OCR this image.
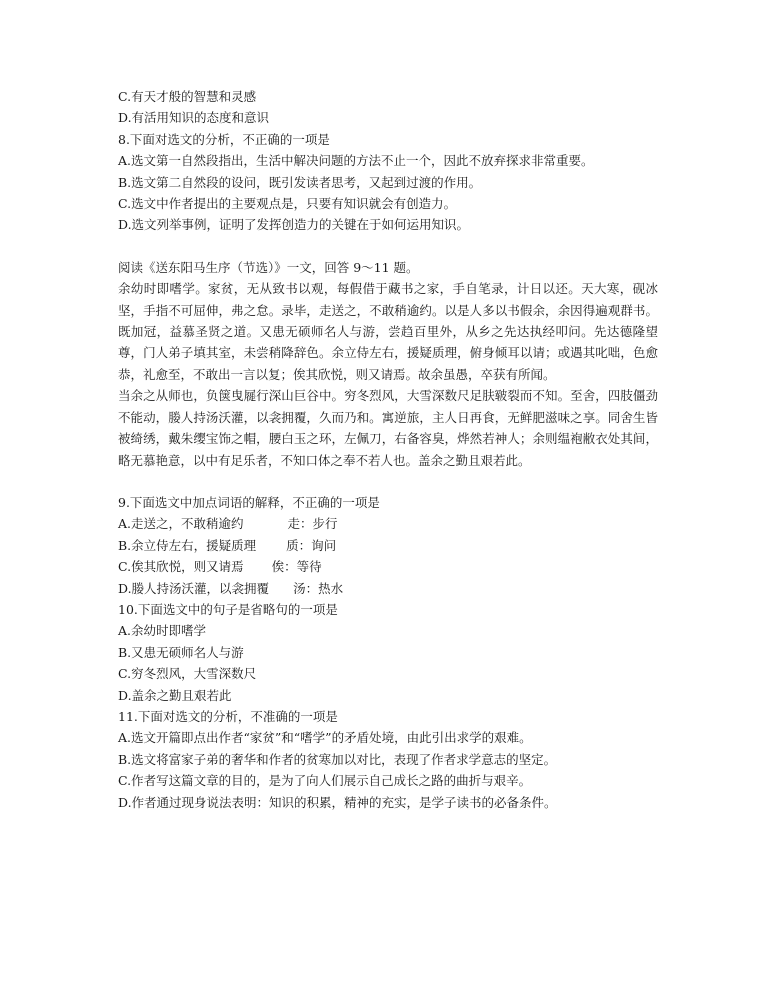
C.有天才般的智慧和灵感
D.有活用知识的态度和意识
8.下面对选文的分析，不正确的一项是
A.选文第一自然段指出，生活中解决问题的方法不止一个，因此不放弃探求非常重要。
B.选文第二自然段的设问，既引发读者思考，又起到过渡的作用。
C.选文中作者提出的主要观点是，只要有知识就会有创造力。
D.选文列举事例，证明了发挥创造力的关键在于如何运用知识。
阅读《送东阳马生序（节选）》一文，回答 9～11 题。
余幼时即嗜学。家贫，无从致书以观，每假借于藏书之家，手自笔录，计日以还。天大寒，砚冰坚，手指不可屈伸，弗之怠。录毕，走送之，不敢稍逾约。以是人多以书假余，余因得遍观群书。既加冠，益慕圣贤之道。又患无硕师名人与游，尝趋百里外，从乡之先达执经叩问。先达德隆望尊，门人弟子填其室，未尝稍降辞色。余立侍左右，援疑质理，俯身倾耳以请；或遇其叱咄，色愈恭，礼愈至，不敢出一言以复；俟其欣悦，则又请焉。故余虽愚，卒获有所闻。
当余之从师也，负箧曳屣行深山巨谷中。穷冬烈风，大雪深数尺足肤皲裂而不知。至舍，四肢僵劲不能动，媵人持汤沃灌，以衾拥覆，久而乃和。寓逆旅，主人日再食，无鲜肥滋味之享。同舍生皆被绮绣，戴朱缨宝饰之帽，腰白玉之环，左佩刀，右备容臭，烨然若神人；余则缊袍敝衣处其间，略无慕艳意，以中有足乐者，不知口体之奉不若人也。盖余之勤且艰若此。
9.下面选文中加点词语的解释，不正确的一项是
A.走送之，不敢稍逾约	走：步行
B.余立侍左右，援疑质理 质：询问
C.俟其欣悦，则又请焉 俟：等待
D.媵人持汤沃灌，以衾拥覆 汤：热水
10.下面选文中的句子是省略句的一项是
A.余幼时即嗜学
B.又患无硕师名人与游
C.穷冬烈风，大雪深数尺
D.盖余之勤且艰若此
11.下面对选文的分析，不准确的一项是
A.选文开篇即点出作者“家贫”和“嗜学”的矛盾处境，由此引出求学的艰难。
B.选文将富家子弟的奢华和作者的贫寒加以对比，表现了作者求学意志的坚定。
C.作者写这篇文章的目的，是为了向人们展示自己成长之路的曲折与艰辛。
D.作者通过现身说法表明：知识的积累，精神的充实，是学子读书的必备条件。
